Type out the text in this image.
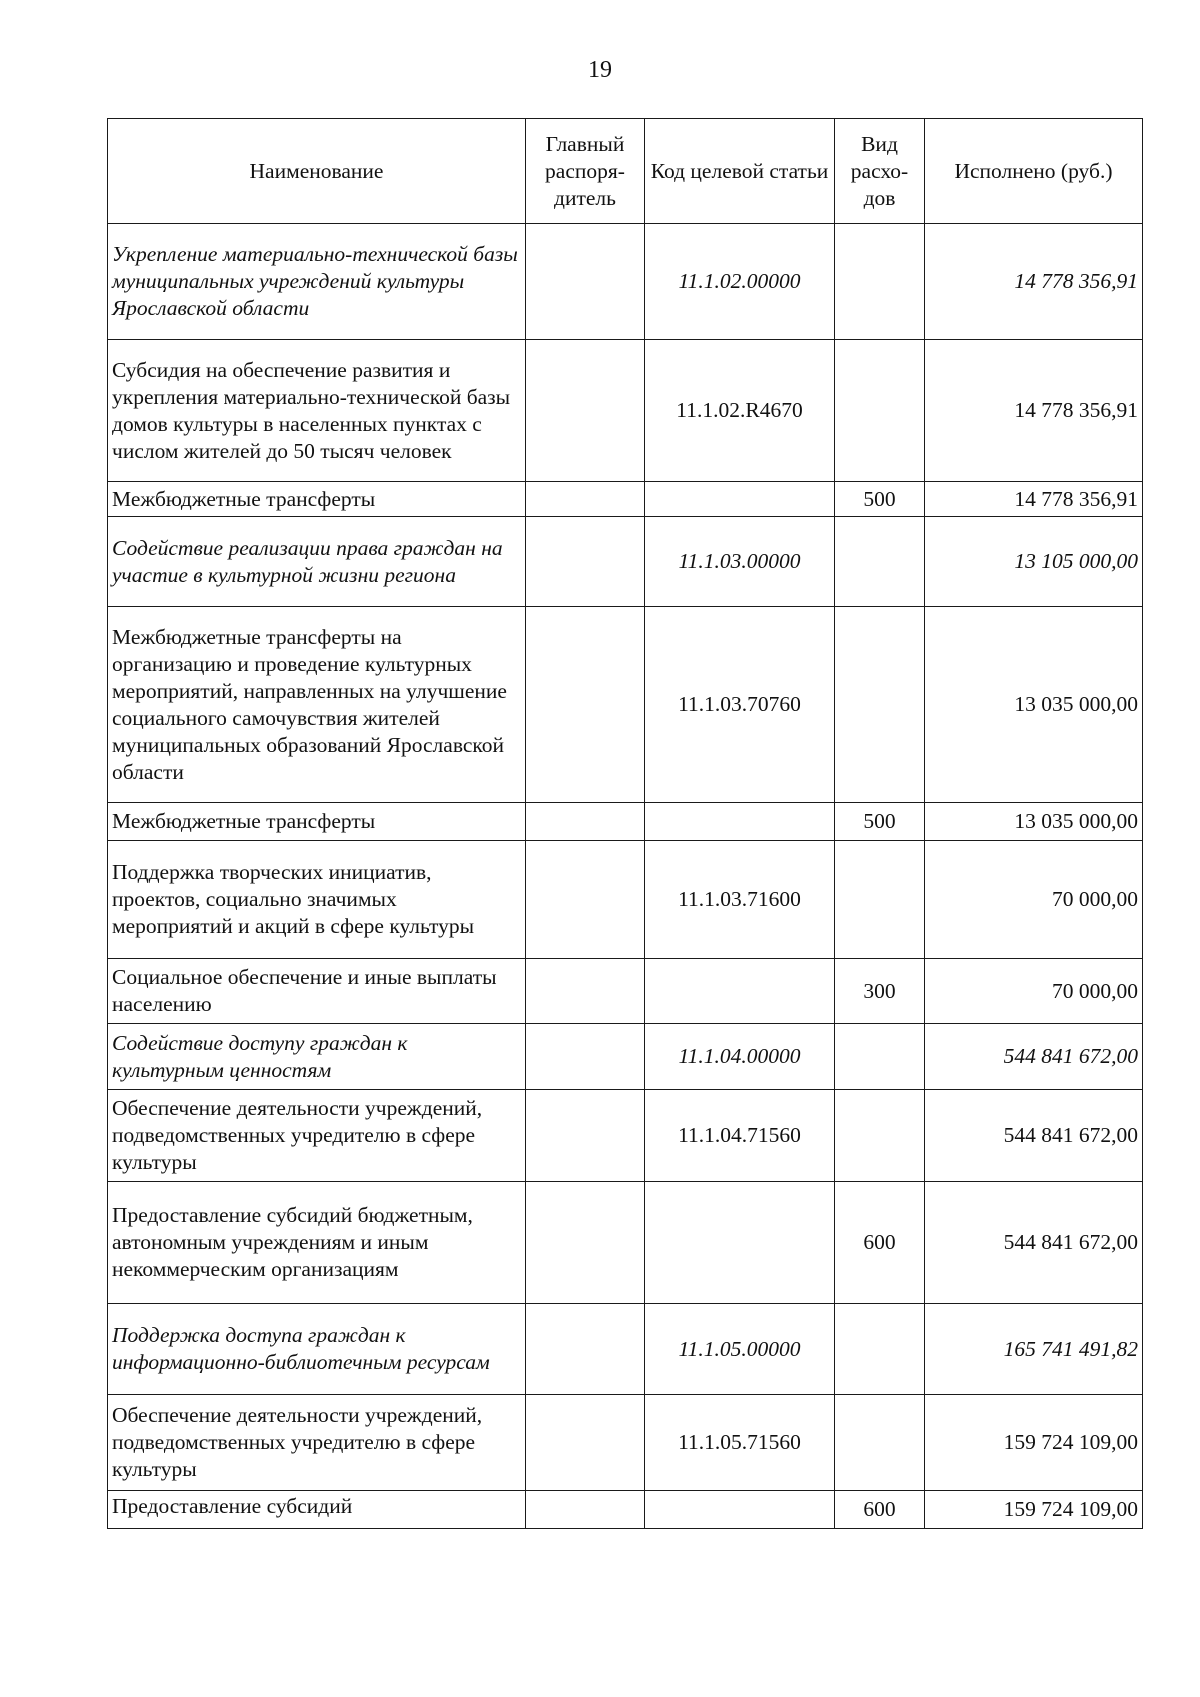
19
Наименование	Главный распоря-дитель	Код целевой статьи	Вид расхо-дов	Исполнено (руб.)
Укрепление материально-технической базы муниципальных учреждений культуры Ярославской области		11.1.02.00000		14 778 356,91
Субсидия на обеспечение развития и укрепления материально-технической базы домов культуры в населенных пунктах с числом жителей до 50 тысяч человек		11.1.02.R4670		14 778 356,91
Межбюджетные трансферты			500	14 778 356,91
Содействие реализации права граждан на участие в культурной жизни региона		11.1.03.00000		13 105 000,00
Межбюджетные трансферты на организацию и проведение культурных мероприятий, направленных на улучшение социального самочувствия жителей муниципальных образований Ярославской области		11.1.03.70760		13 035 000,00
Межбюджетные трансферты			500	13 035 000,00
Поддержка творческих инициатив, проектов, социально значимых мероприятий и акций в сфере культуры		11.1.03.71600		70 000,00
Социальное обеспечение и иные выплаты населению			300	70 000,00
Содействие доступу граждан к культурным ценностям		11.1.04.00000		544 841 672,00
Обеспечение деятельности учреждений, подведомственных учредителю в сфере культуры		11.1.04.71560		544 841 672,00
Предоставление субсидий бюджетным, автономным учреждениям и иным некоммерческим организациям			600	544 841 672,00
Поддержка доступа граждан к информационно-библиотечным ресурсам		11.1.05.00000		165 741 491,82
Обеспечение деятельности учреждений, подведомственных учредителю в сфере культуры		11.1.05.71560		159 724 109,00
Предоставление субсидий			600	159 724 109,00
